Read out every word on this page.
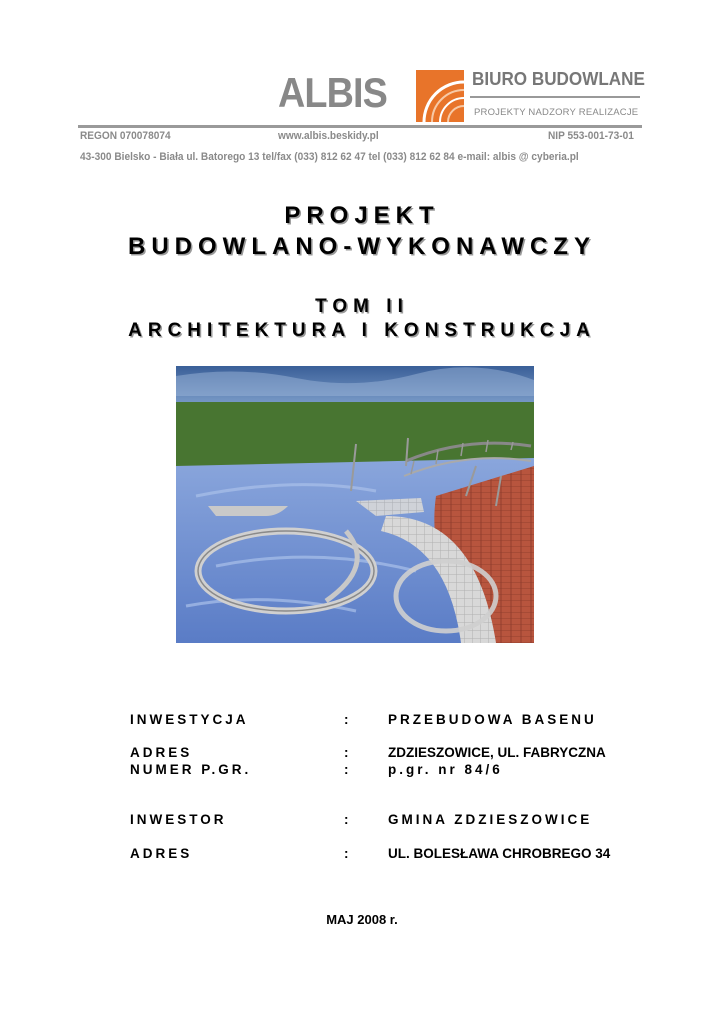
ALBIS	BIURO BUDOWLANE
PROJEKTY NADZORY REALIZACJE
REGON 070078074	www.albis.beskidy.pl	NIP 553-001-73-01
43-300 Bielsko - Biała ul. Batorego 13 tel/fax (033) 812 62 47 tel (033) 812 62 84 e-mail: albis @ cyberia.pl
PROJEKT
BUDOWLANO-WYKONAWCZY
TOM II
ARCHITEKTURA I KONSTRUKCJA
INWESTYCJA	:	PRZEBUDOWA BASENU
ADRES	:	ZDZIESZOWICE, UL. FABRYCZNA
NUMER P.GR.	:	p.gr. nr 84/6
INWESTOR	:	GMINA ZDZIESZOWICE
ADRES	:	UL. BOLESŁAWA CHROBREGO 34
MAJ 2008 r.
